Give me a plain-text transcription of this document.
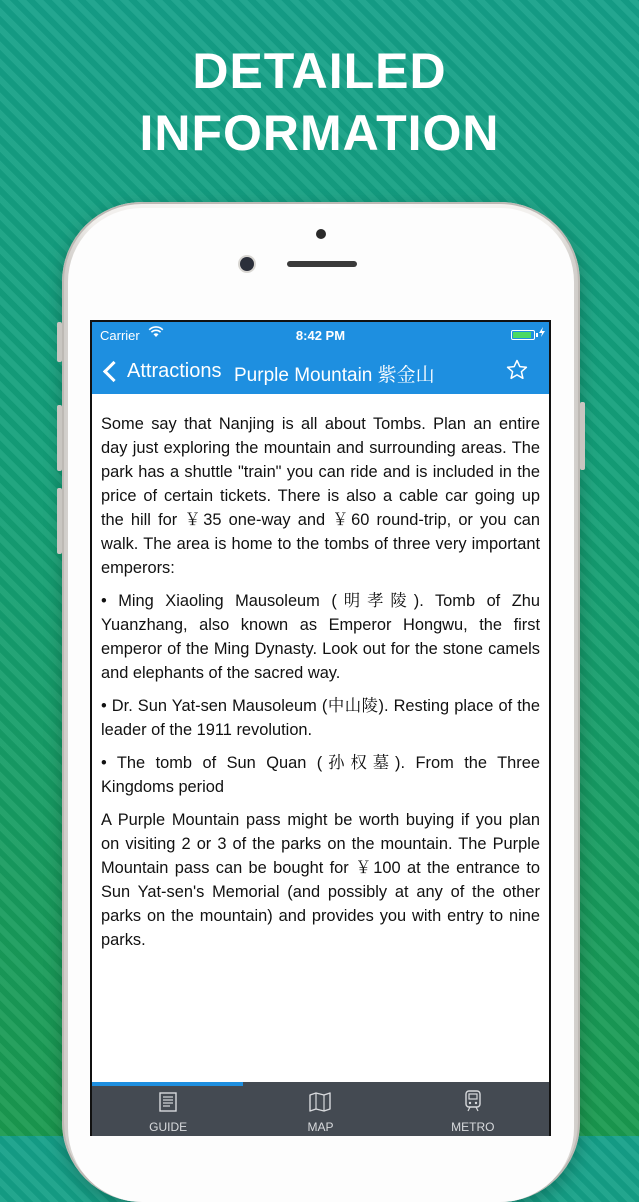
DETAILED
INFORMATION
Carrier	8:42 PM
Attractions Purple Mountain 紫金山

Some say that Nanjing is all about Tombs. Plan an entire day just exploring the mountain and surrounding areas. The park has a shuttle "train" you can ride and is included in the price of certain tickets. There is also a cable car going up the hill for ￥35 one-way and ￥60 round-trip, or you can walk. The area is home to the tombs of three very important emperors:

• Ming Xiaoling Mausoleum (明孝陵). Tomb of Zhu Yuanzhang, also known as Emperor Hongwu, the first emperor of the Ming Dynasty. Look out for the stone camels and elephants of the sacred way.

• Dr. Sun Yat-sen Mausoleum (中山陵). Resting place of the leader of the 1911 revolution.

• The tomb of Sun Quan (孙权墓). From the Three Kingdoms period

A Purple Mountain pass might be worth buying if you plan on visiting 2 or 3 of the parks on the mountain. The Purple Mountain pass can be bought for ￥100 at the entrance to Sun Yat-sen's Memorial (and possibly at any of the other parks on the mountain) and provides you with entry to nine parks.

GUIDE	MAP	METRO
